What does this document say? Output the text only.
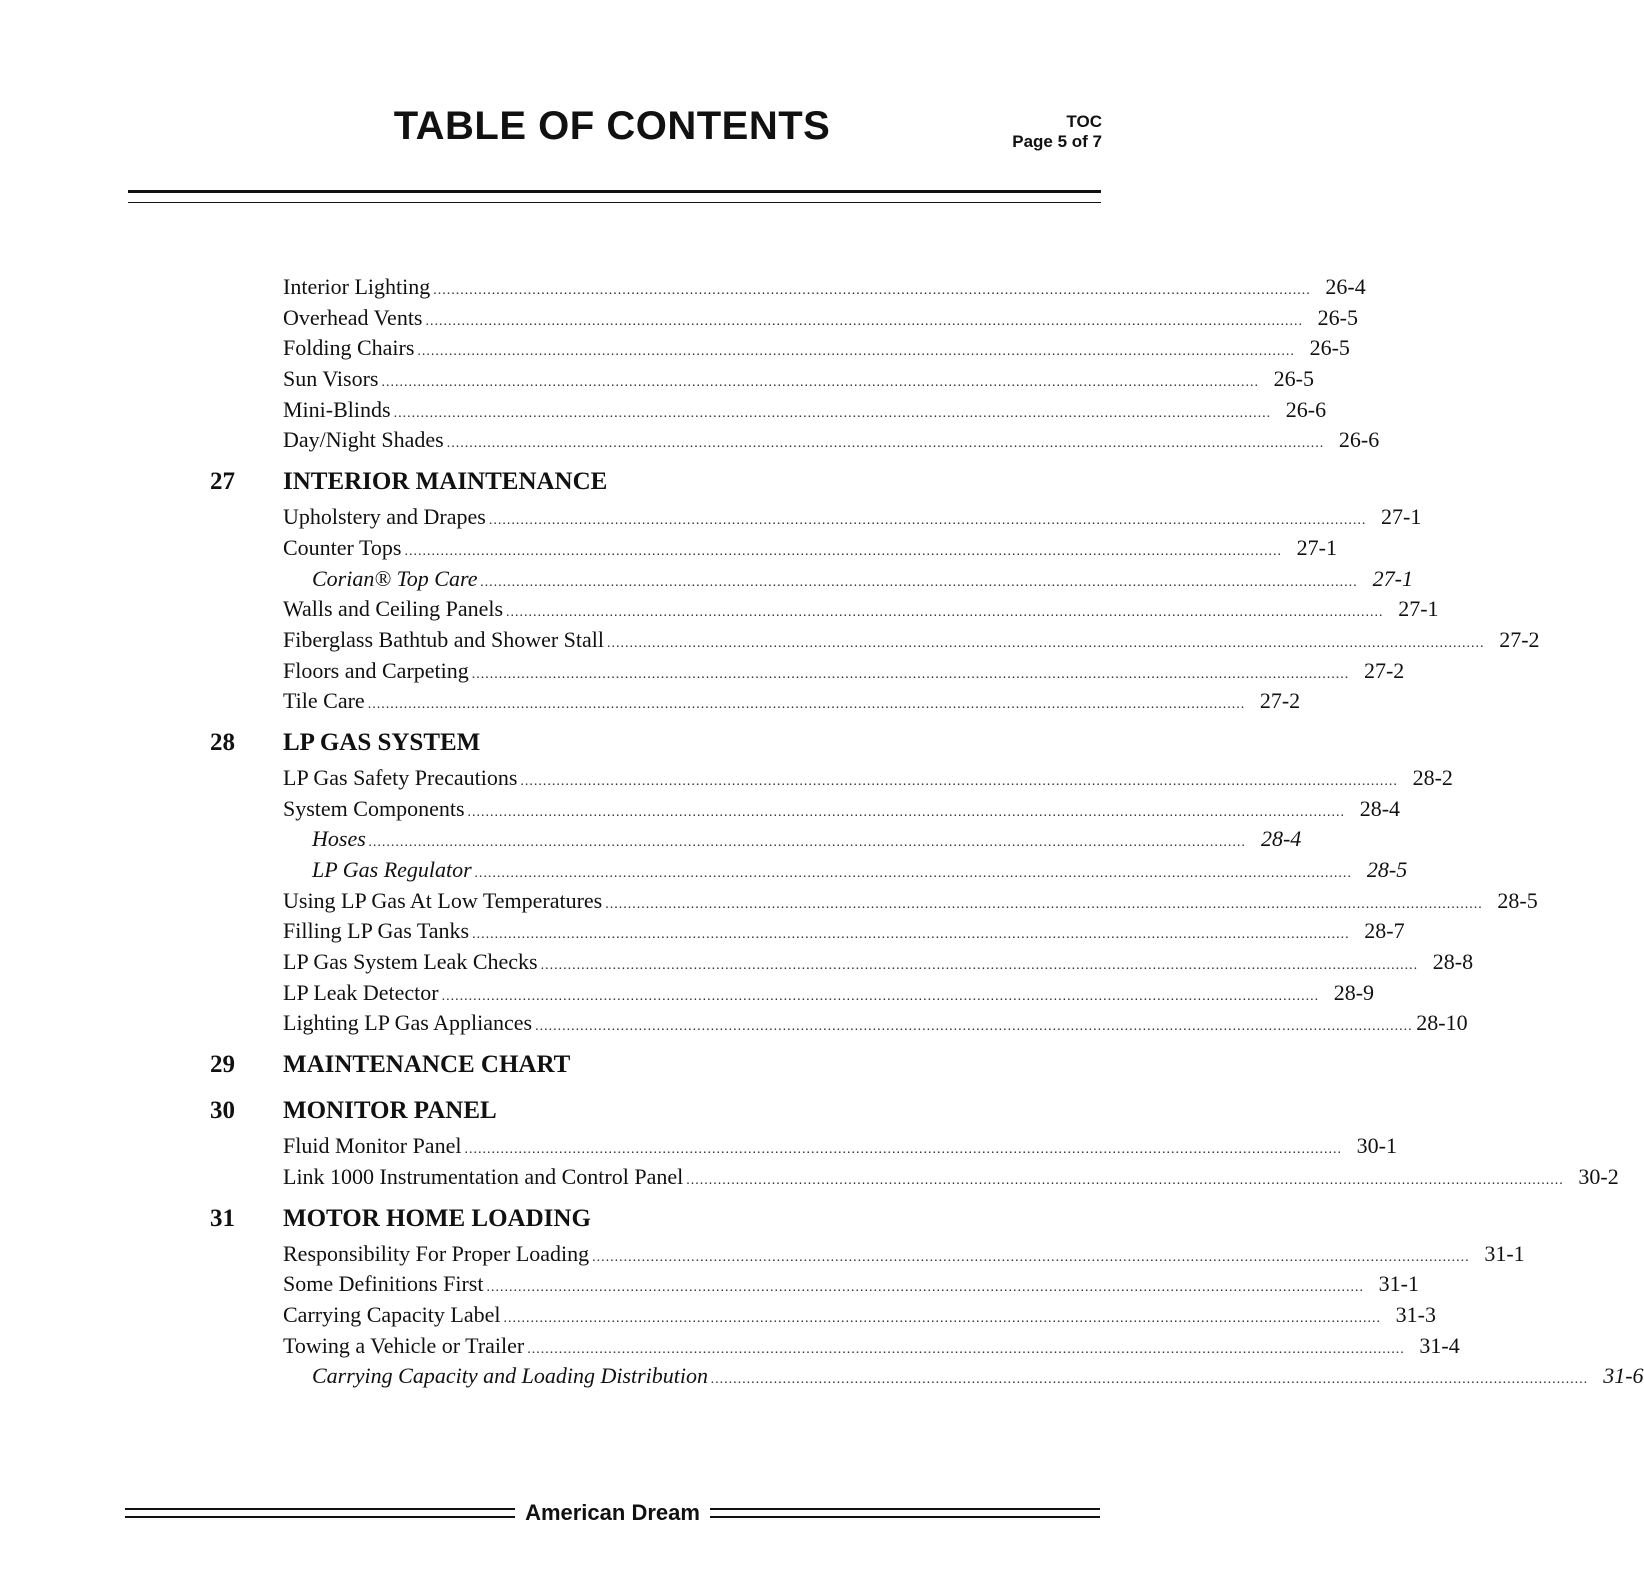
TABLE OF CONTENTS	TOC
Page 5 of 7
Interior Lighting ................................................................................................................................................................................................... 26-4
Overhead Vents ................................................................................................................................................................................................... 26-5
Folding Chairs ................................................................................................................................................................................................... 26-5
Sun Visors ................................................................................................................................................................................................... 26-5
Mini-Blinds ................................................................................................................................................................................................... 26-6
Day/Night Shades ................................................................................................................................................................................................... 26-6
27	INTERIOR MAINTENANCE
Upholstery and Drapes ................................................................................................................................................................................................... 27-1
Counter Tops ................................................................................................................................................................................................... 27-1
Corian® Top Care ................................................................................................................................................................................................... 27-1
Walls and Ceiling Panels ................................................................................................................................................................................................... 27-1
Fiberglass Bathtub and Shower Stall ................................................................................................................................................................................................... 27-2
Floors and Carpeting ................................................................................................................................................................................................... 27-2
Tile Care ................................................................................................................................................................................................... 27-2
28	LP GAS SYSTEM
LP Gas Safety Precautions ................................................................................................................................................................................................... 28-2
System Components ................................................................................................................................................................................................... 28-4
Hoses ................................................................................................................................................................................................... 28-4
LP Gas Regulator ................................................................................................................................................................................................... 28-5
Using LP Gas At Low Temperatures ................................................................................................................................................................................................... 28-5
Filling LP Gas Tanks ................................................................................................................................................................................................... 28-7
LP Gas System Leak Checks ................................................................................................................................................................................................... 28-8
LP Leak Detector ................................................................................................................................................................................................... 28-9
Lighting LP Gas Appliances ................................................................................................................................................................................................... 28-10
29	MAINTENANCE CHART
30	MONITOR PANEL
Fluid Monitor Panel ................................................................................................................................................................................................... 30-1
Link 1000 Instrumentation and Control Panel ................................................................................................................................................................................................... 30-2
31	MOTOR HOME LOADING
Responsibility For Proper Loading ................................................................................................................................................................................................... 31-1
Some Definitions First ................................................................................................................................................................................................... 31-1
Carrying Capacity Label ................................................................................................................................................................................................... 31-3
Towing a Vehicle or Trailer ................................................................................................................................................................................................... 31-4
Carrying Capacity and Loading Distribution ................................................................................................................................................................................................... 31-6
American Dream
